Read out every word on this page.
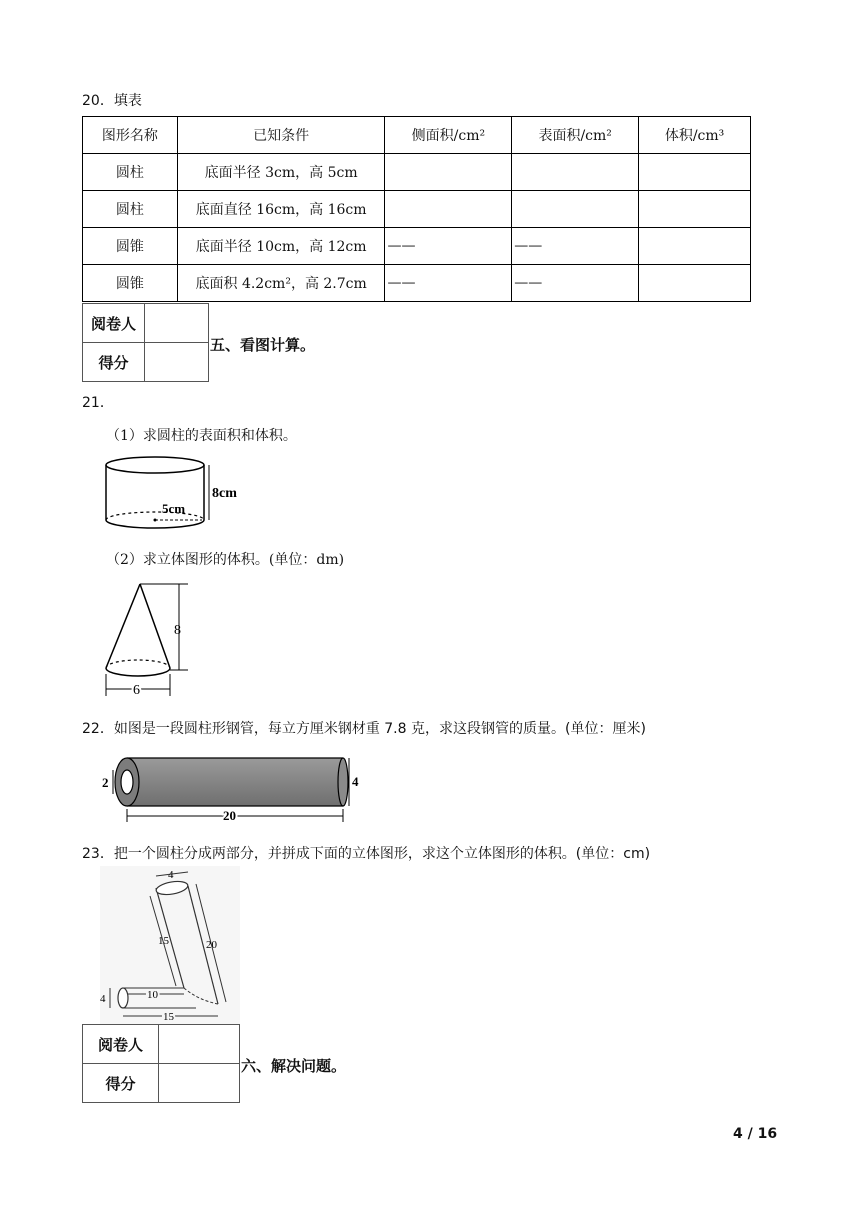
20．填表
图形名称	已知条件	侧面积/cm²	表面积/cm²	体积/cm³
圆柱	底面半径 3cm，高 5cm			
圆柱	底面直径 16cm，高 16cm			
圆锥	底面半径 10cm，高 12cm	——	——	
圆锥	底面积 4.2cm²，高 2.7cm	——	——	
阅卷人	
得分	
五、看图计算。
21．
（1）求圆柱的表面积和体积。
8cm
5cm
（2）求立体图形的体积。(单位：dm)
8
6
22．如图是一段圆柱形钢管，每立方厘米钢材重 7.8 克，求这段钢管的质量。(单位：厘米)
2	4
20
23．把一个圆柱分成两部分，并拼成下面的立体图形，求这个立体图形的体积。(单位：cm)
4
15	20
4	10
15
阅卷人	
得分	
六、解决问题。
4 / 16
